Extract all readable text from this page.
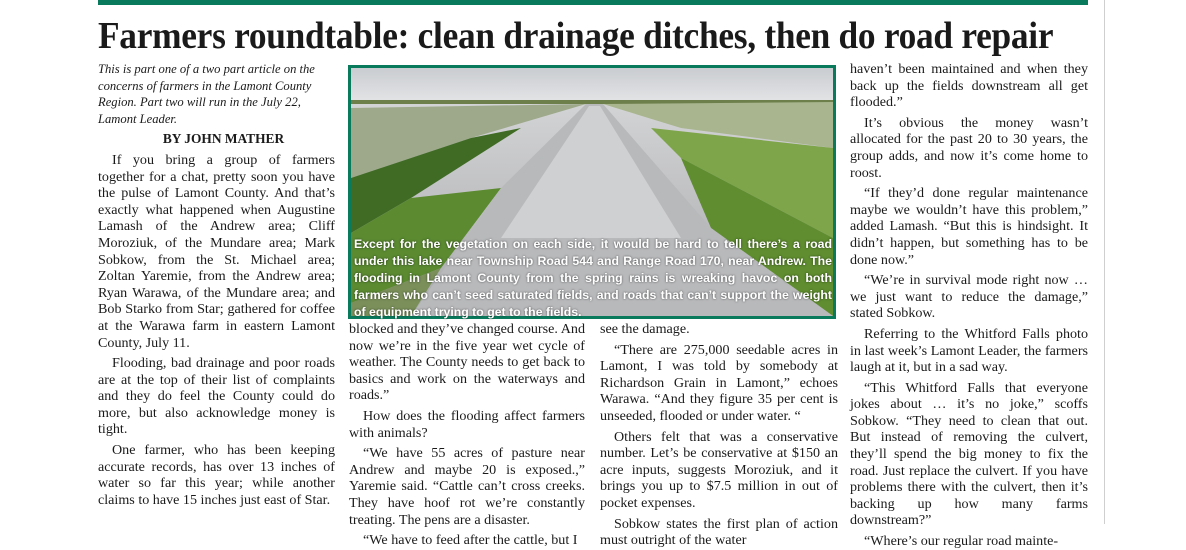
Farmers roundtable: clean drainage ditches, then do road repair

This is part one of a two part article on the concerns of farmers in the Lamont County Region. Part two will run in the July 22, Lamont Leader.

BY JOHN MATHER

If you bring a group of farmers together for a chat, pretty soon you have the pulse of Lamont County. And that’s exactly what happened when Augustine Lamash of the Andrew area; Cliff Moroziuk, of the Mundare area; Mark Sobkow, from the St. Michael area; Zoltan Yaremie, from the Andrew area; Ryan Warawa, of the Mundare area; and Bob Starko from Star; gathered for coffee at the Warawa farm in eastern Lamont County, July 11.

Flooding, bad drainage and poor roads are at the top of their list of complaints and they do feel the County could do more, but also acknowledge money is tight.

One farmer, who has been keeping accurate records, has over 13 inches of water so far this year; while another claims to have 15 inches just east of Star.

Except for the vegetation on each side, it would be hard to tell there’s a road under this lake near Township Road 544 and Range Road 170, near Andrew. The flooding in Lamont County from the spring rains is wreaking havoc on both farmers who can’t seed saturated fields, and roads that can’t support the weight of equipment trying to get to the fields.

blocked and they’ve changed course. And now we’re in the five year wet cycle of weather. The County needs to get back to basics and work on the waterways and roads.”

How does the flooding affect farmers with animals?

“We have 55 acres of pasture near Andrew and maybe 20 is exposed.,” Yaremie said. “Cattle can’t cross creeks. They have hoof rot we’re constantly treating. The pens are a disaster.

“We have to feed after the cattle, but I

see the damage.

“There are 275,000 seedable acres in Lamont, I was told by somebody at Richardson Grain in Lamont,” echoes Warawa. “And they figure 35 per cent is unseeded, flooded or under water. “

Others felt that was a conservative number. Let’s be conservative at $150 an acre inputs, suggests Moroziuk, and it brings you up to $7.5 million in out of pocket expenses.

Sobkow states the first plan of action must outright of the water

haven’t been maintained and when they back up the fields downstream all get flooded.”

It’s obvious the money wasn’t allocated for the past 20 to 30 years, the group adds, and now it’s come home to roost.

“If they’d done regular maintenance maybe we wouldn’t have this problem,” added Lamash. “But this is hindsight. It didn’t happen, but something has to be done now.”

“We’re in survival mode right now … we just want to reduce the damage,” stated Sobkow.

Referring to the Whitford Falls photo in last week’s Lamont Leader, the farmers laugh at it, but in a sad way.

“This Whitford Falls that everyone jokes about … it’s no joke,” scoffs Sobkow. “They need to clean that out. But instead of removing the culvert, they’ll spend the big money to fix the road. Just replace the culvert. If you have problems there with the culvert, then it’s backing up how many farms downstream?”

“Where’s our regular road mainte-
